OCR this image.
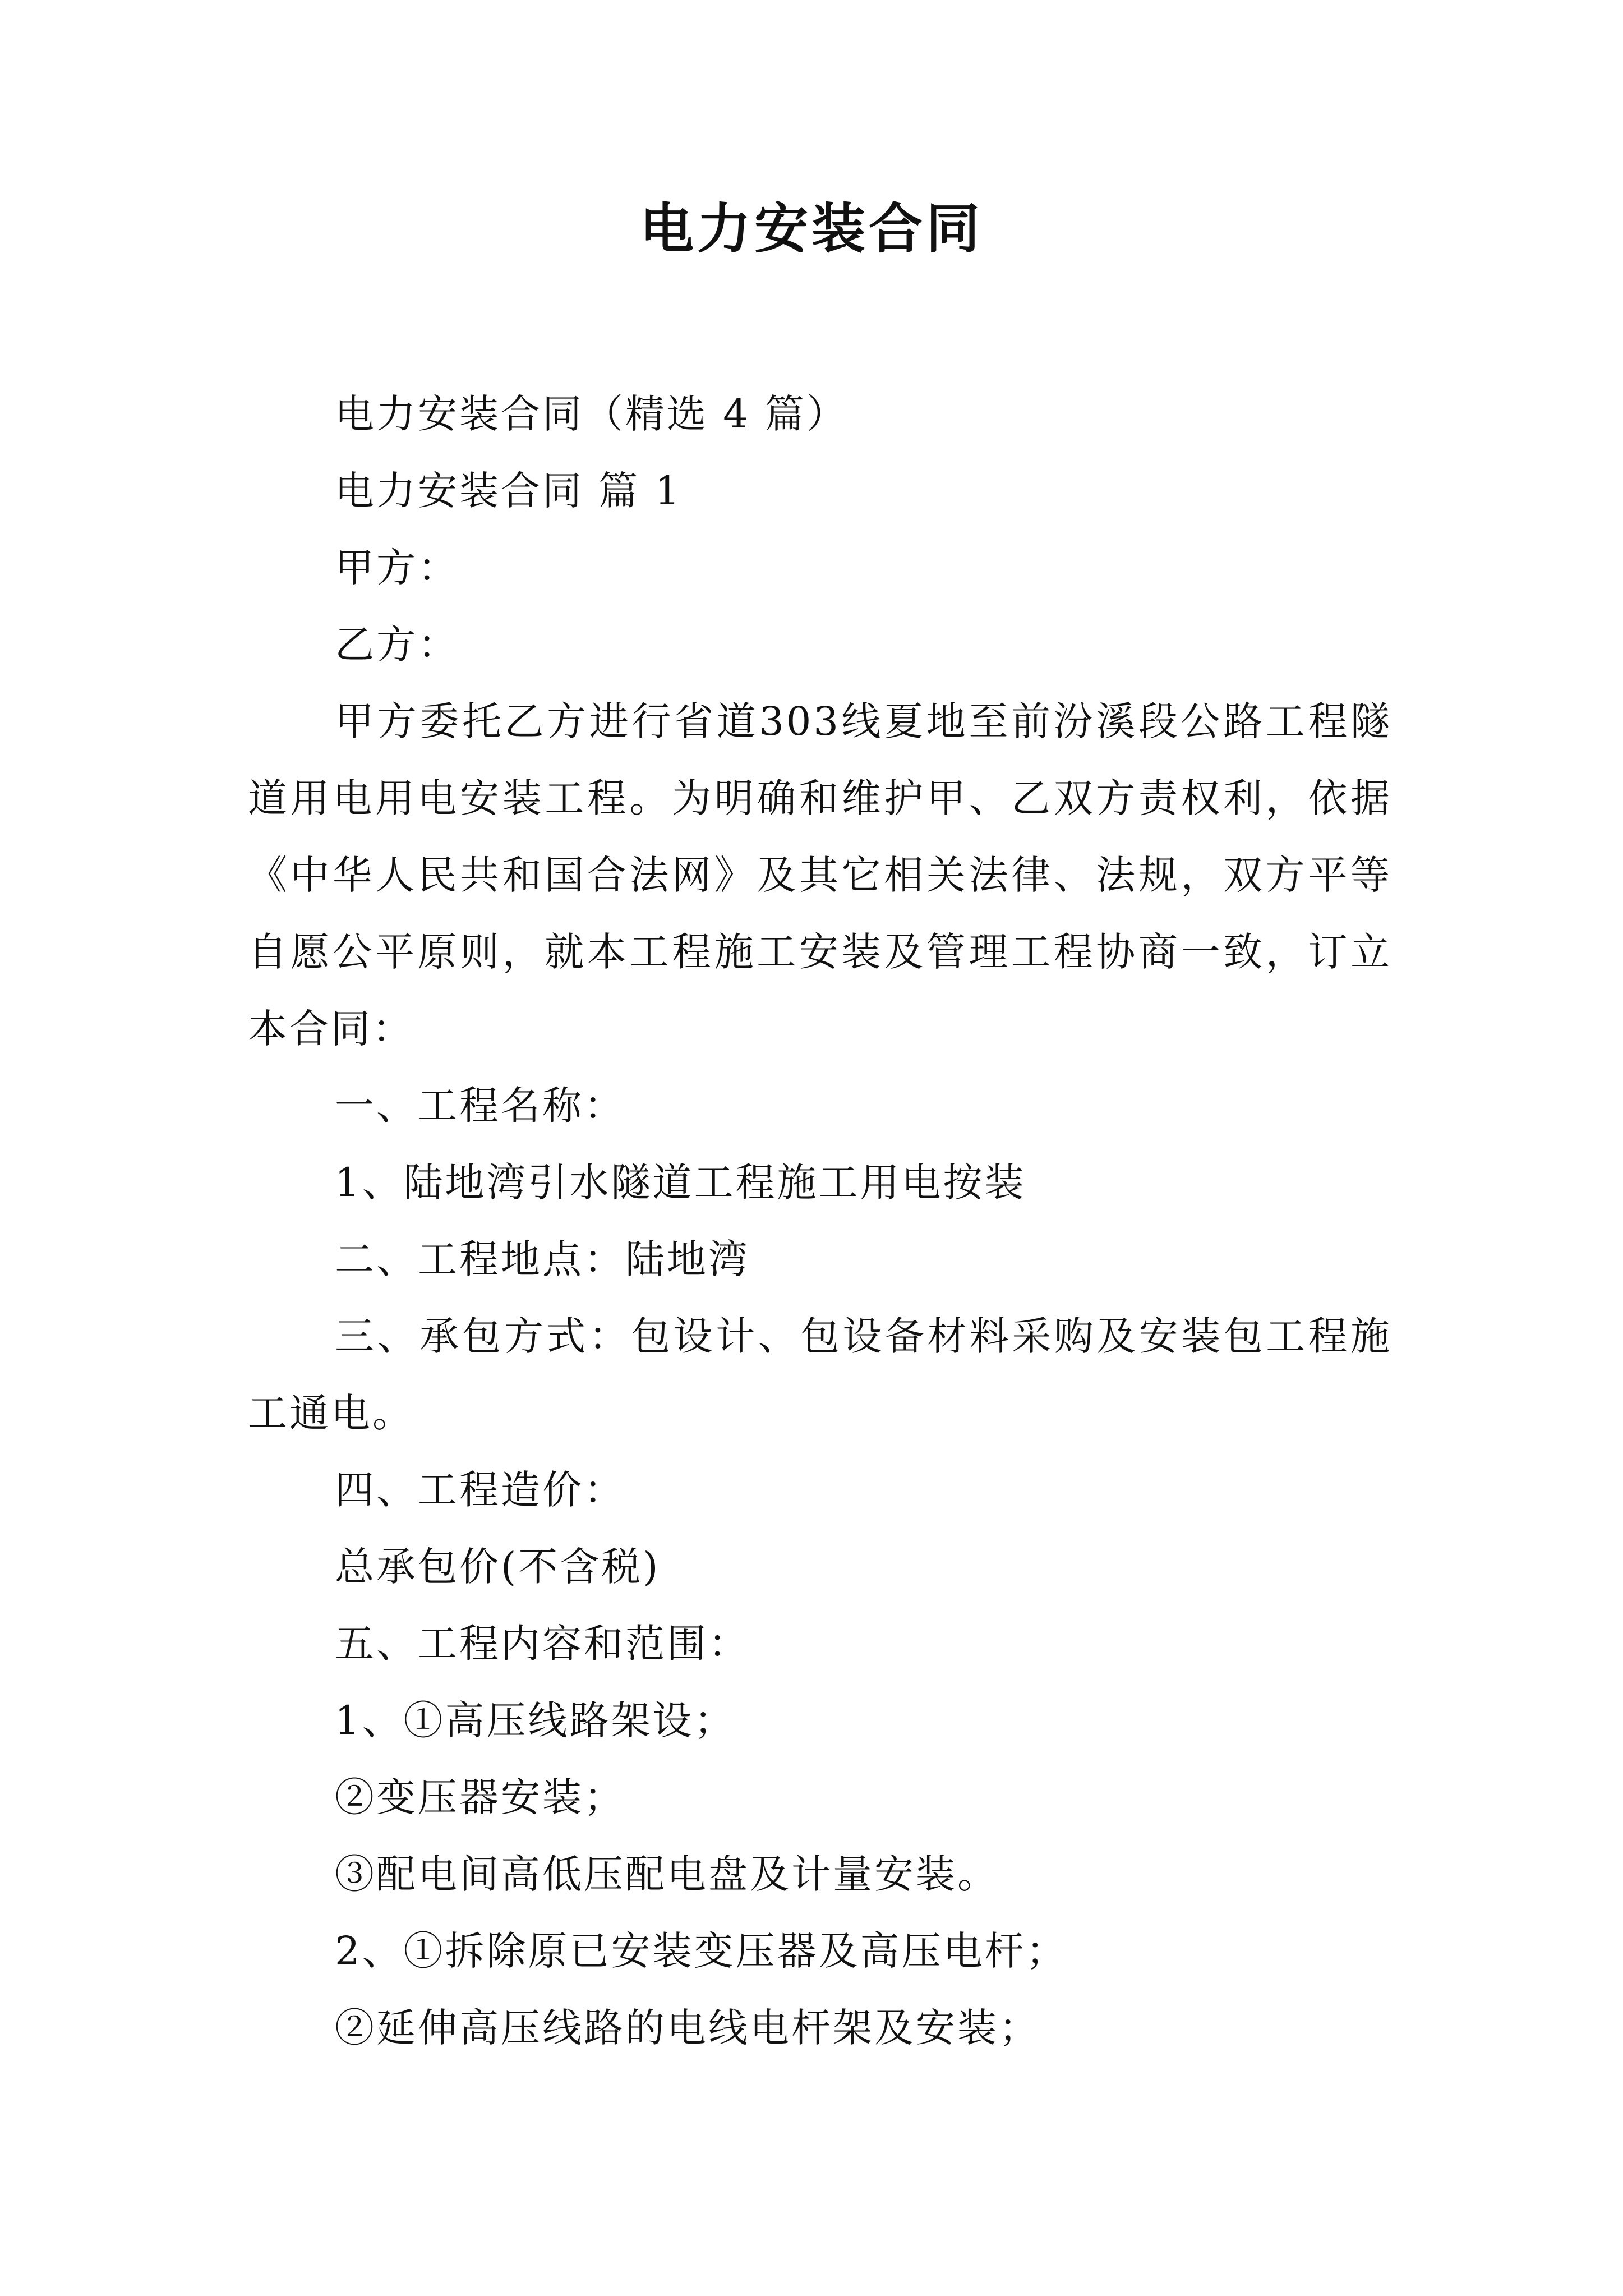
电力安装合同

电力安装合同（精选 4 篇）

电力安装合同 篇 1

甲方：

乙方：

甲方委托乙方进行省道303线夏地至前汾溪段公路工程隧道用电用电安装工程。为明确和维护甲、乙双方责权利，依据《中华人民共和国合法网》及其它相关法律、法规，双方平等自愿公平原则，就本工程施工安装及管理工程协商一致，订立本合同：

一、工程名称：

1、陆地湾引水隧道工程施工用电按装

二、工程地点：陆地湾

三、承包方式：包设计、包设备材料采购及安装包工程施工通电。

四、工程造价：

总承包价(不含税)

五、工程内容和范围：

1、①高压线路架设；

②变压器安装；

③配电间高低压配电盘及计量安装。

2、①拆除原已安装变压器及高压电杆；

②延伸高压线路的电线电杆架及安装；
